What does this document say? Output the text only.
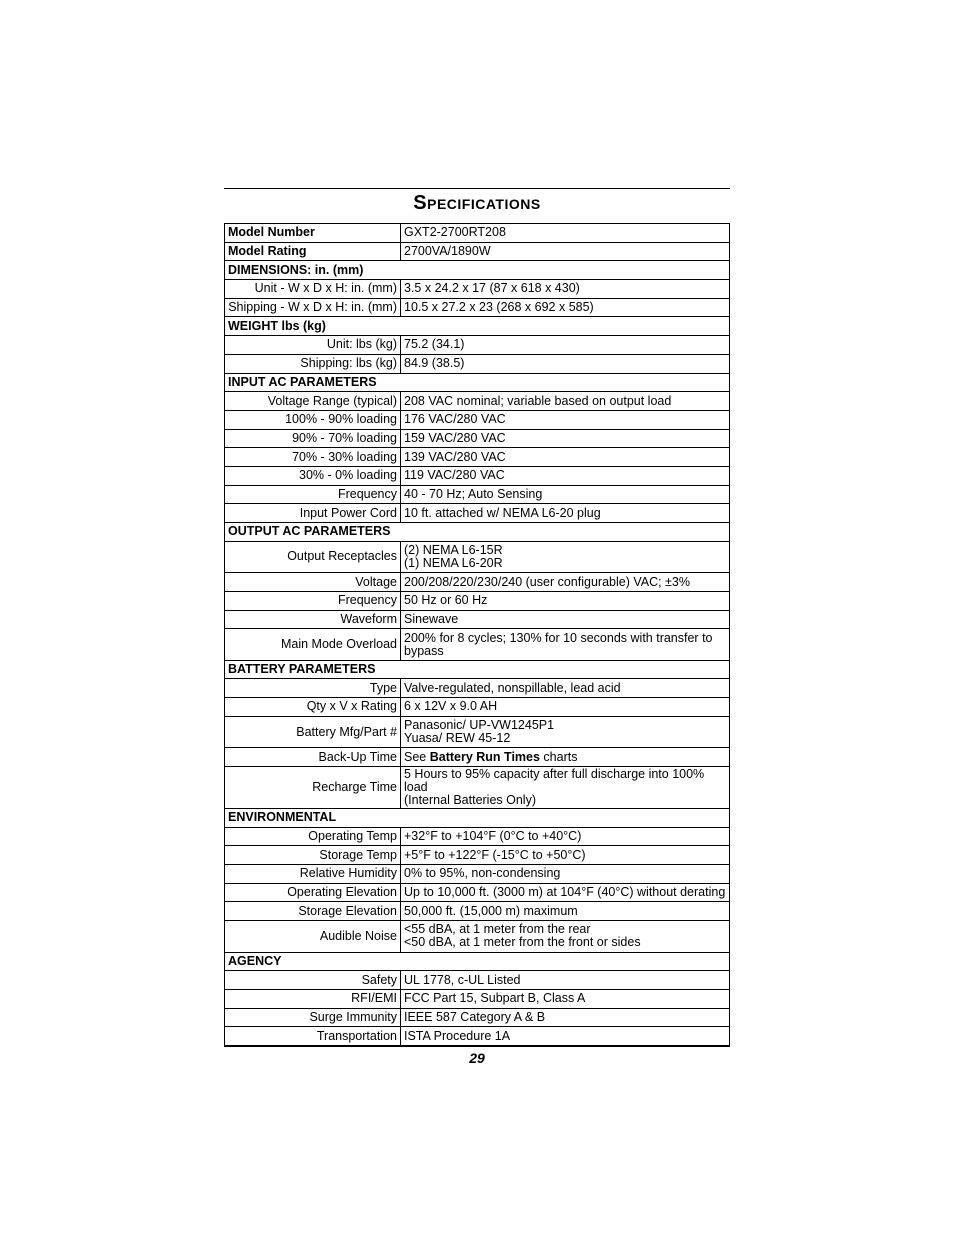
Specifications
Model Number	GXT2-2700RT208
Model Rating	2700VA/1890W
DIMENSIONS: in. (mm)	
Unit - W x D x H: in. (mm)	3.5 x 24.2 x 17 (87 x 618 x 430)
Shipping - W x D x H: in. (mm)	10.5 x 27.2 x 23 (268 x 692 x 585)
WEIGHT lbs (kg)	
Unit: lbs (kg)	75.2 (34.1)
Shipping: lbs (kg)	84.9 (38.5)
INPUT AC PARAMETERS	
Voltage Range (typical)	208 VAC nominal; variable based on output load
100% - 90% loading	176 VAC/280 VAC
90% - 70% loading	159 VAC/280 VAC
70% - 30% loading	139 VAC/280 VAC
30% - 0% loading	119 VAC/280 VAC
Frequency	40 - 70 Hz; Auto Sensing
Input Power Cord	10 ft. attached w/ NEMA L6-20 plug
OUTPUT AC PARAMETERS	
Output Receptacles	(2) NEMA L6-15R
(1) NEMA L6-20R

Voltage	200/208/220/230/240 (user configurable) VAC; ±3%
Frequency	50 Hz or 60 Hz
Waveform	Sinewave
Main Mode Overload	200% for 8 cycles; 130% for 10 seconds with transfer to
bypass

BATTERY PARAMETERS	
Type	Valve-regulated, nonspillable, lead acid
Qty x V x Rating	6 x 12V x 9.0 AH
Battery Mfg/Part #	Panasonic/ UP-VW1245P1
Yuasa/ REW 45-12

Back-Up Time	See Battery Run Times charts
Recharge Time	5 Hours to 95% capacity after full discharge into 100% load
(Internal Batteries Only)

ENVIRONMENTAL	
Operating Temp	+32°F to +104°F (0°C to +40°C)
Storage Temp	+5°F to +122°F (-15°C to +50°C)
Relative Humidity	0% to 95%, non-condensing
Operating Elevation	Up to 10,000 ft. (3000 m) at 104°F (40°C) without derating
Storage Elevation	50,000 ft. (15,000 m) maximum
Audible Noise	<55 dBA, at 1 meter from the rear
<50 dBA, at 1 meter from the front or sides

AGENCY	
Safety	UL 1778, c-UL Listed
RFI/EMI	FCC Part 15, Subpart B, Class A
Surge Immunity	IEEE 587 Category A & B
Transportation	ISTA Procedure 1A
29
